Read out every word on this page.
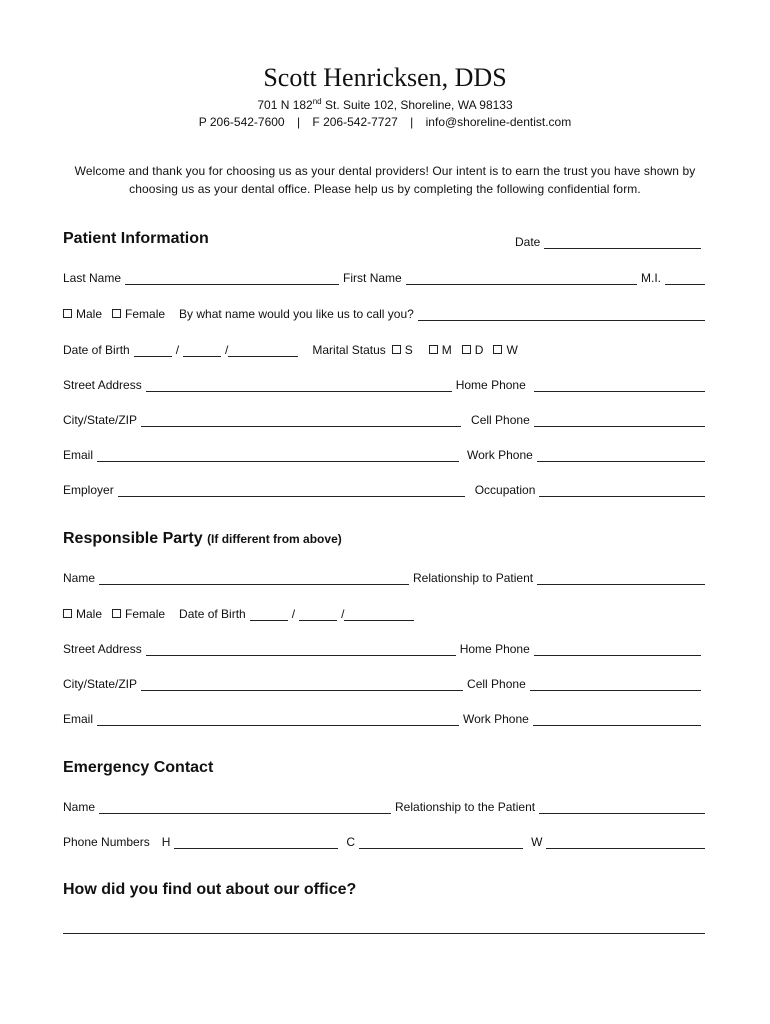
Scott Henricksen, DDS
701 N 182nd St. Suite 102, Shoreline, WA 98133
P 206-542-7600 | F 206-542-7727 | info@shoreline-dentist.com
Welcome and thank you for choosing us as your dental providers! Our intent is to earn the trust you have shown by choosing us as your dental office. Please help us by completing the following confidential form.
Patient Information	Date
Last Name	First Name	M.I.
Male	Female By what name would you like us to call you?
Date of Birth	/	/	Marital Status	S	M	D	W
Street Address	Home Phone
City/State/ZIP	Cell Phone
Email	Work Phone
Employer	Occupation
Responsible Party (If different from above)
Name	Relationship to Patient
Male	Female Date of Birth	/	/
Street Address	Home Phone
City/State/ZIP	Cell Phone
Email	Work Phone
Emergency Contact
Name	Relationship to the Patient
Phone Numbers H	C	W
How did you find out about our office?
